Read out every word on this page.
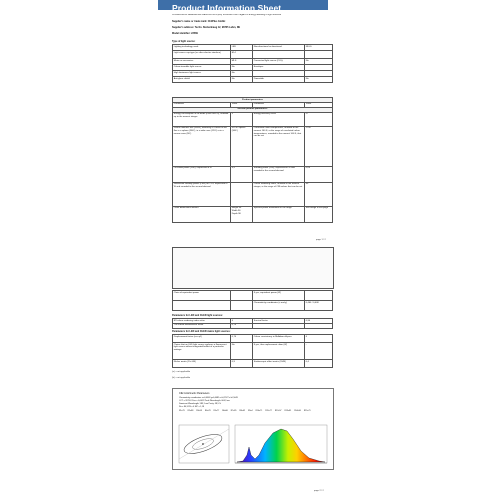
Product Information Sheet
COMMISSION DELEGATED REGULATION (EU) 2019/2015 with regard to energy labelling of light sources
Supplier's name or trade mark: ChilPlus GmbH
Supplier's address: Techn. Beckenhaug 12, 98765 Lahm, DE
Model identifier: 22589
Type of light source:
Lighting technology used:	LED	Non-directional or directional:	NDLS
Light source cap-type (or other electric interface)	E14		
Mains or non-mains:	MLS	Connected light source (CLS):	No
Colour-tuneable light source:	No	Envelope:	
High luminance light source:	No		
Anti-glare shield:	No	Dimmable:	No
Product parameters			
Parameter	Value	Parameter	Value
General product parameters:			
Energy consumption in on-mode (kWh/1000 h), rounded up to the nearest integer	5	Energy efficiency class	G
Useful luminous flux (Φuse), indicating if it refers to the flux in a sphere (360°), in a wide cone (120°) or in a narrow cone (90°)	420 in Sphere (360°)	Correlated colour temperature, rounded to the nearest 100 K, or the range of correlated colour temperatures, rounded to the nearest 100 K, that can be set	2700
On-mode power (Pon), expressed in W	4,5	Standby power (Psb), expressed in W and rounded to the second decimal	0,00
Networked standby power (Pnet) for CLS, expressed in W and rounded to the second decimal		Colour rendering index, rounded to the nearest integer, or the range of CRI-values that can be set	80
Outer dimensions without	Height 46
Width 96
Depth 96	Spectral power distribution in the range	See image in last page
page 1 / 2
Claim of equivalent power		If yes, equivalent power (W)	
		Chromaticity coordinates (x and y)	0,460 / 0,408
Parameters for LED and OLED light sources:
R9 colour rendering index value	4	Survival factor	0,90
The lumen maintenance factor	0,79		
Parameters for LED and OLED mains light sources:
Displacement factor (cos φ1)	0,70	Colour consistency in McAdam ellipses	6
Claims that an LED light source replaces a fluorescent light source without integrated ballast of a particular wattage	No	If yes, then replacement claim (W)	-
Flicker metric (Pst LM)	0,9	Stroboscopic effect metric (SVM)	0,4
(a) - not applicable
(b) - not applicable
CIE Colorimetric Parameters
Chromaticity coordinates: x=0,4603 y=0,4085 u'=0,2527 v'=0,5045
CCT = 2679 K Duv = 0,0012 Peak Wavelength: 604,9 nm
Dominant Wavelength: 583,1 nm Purity: 58,5 %
Ra = 80,3 R9 = 4 S/P = 1,18
R1=79 R2=88 R3=93 R4=78 R5=77 R6=80 R7=85 R8=62 R9=4 R10=71 R11=77 R12=57 R13=81 R14=96 R15=71
page 2 / 2
